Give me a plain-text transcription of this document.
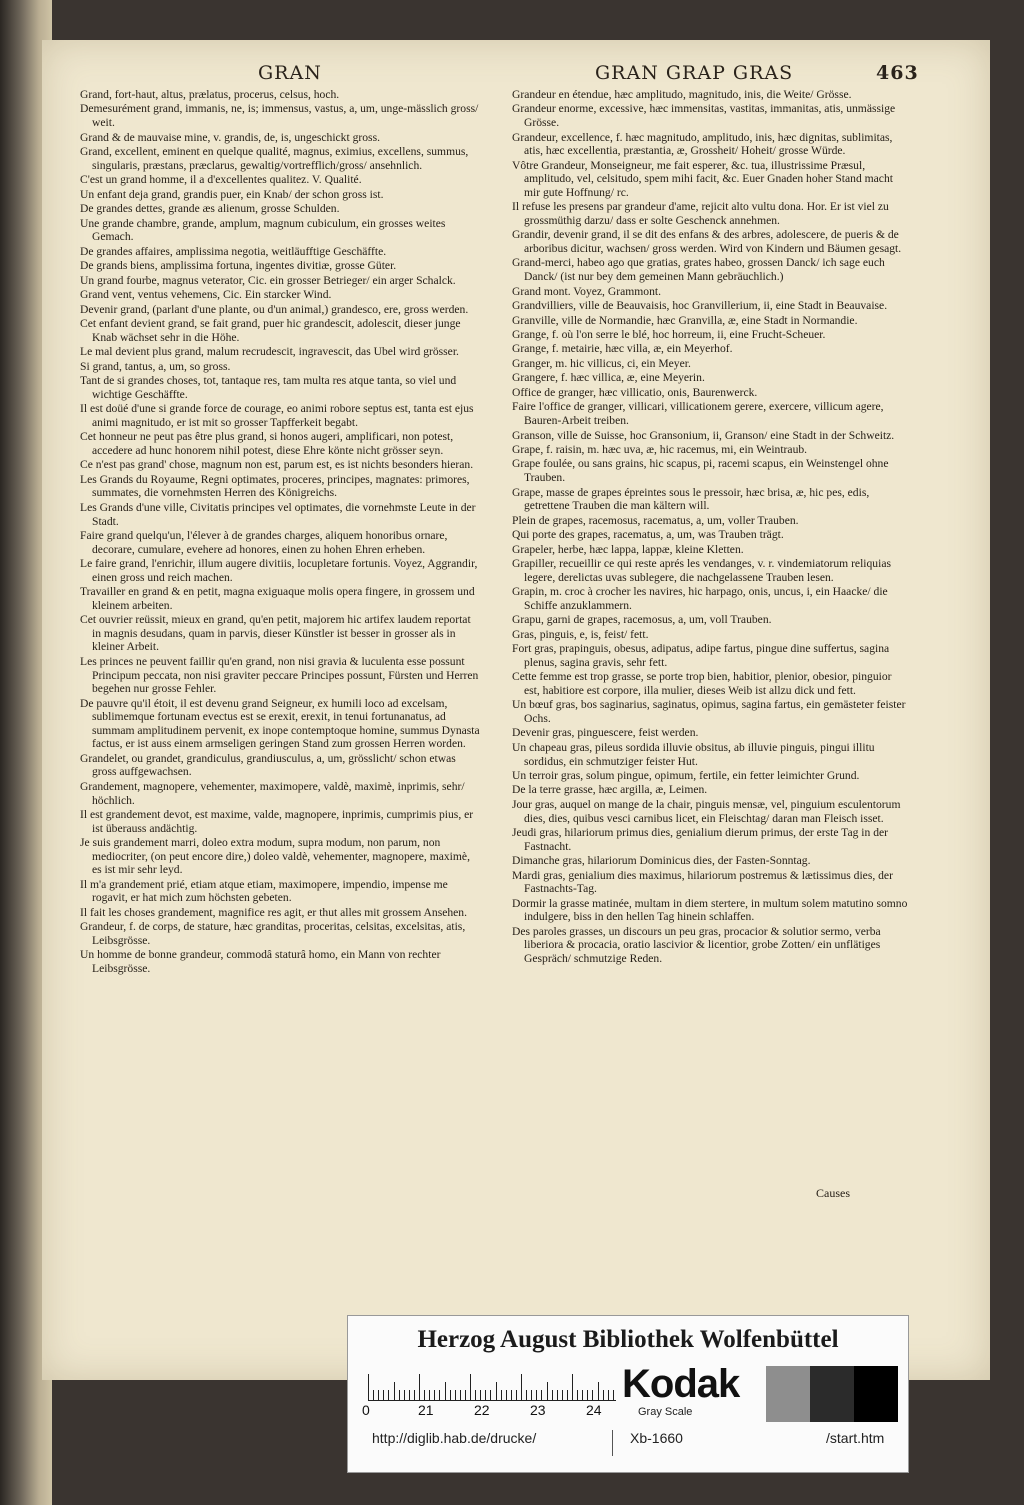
GRAN	GRAN GRAP GRAS	463

Grand, fort-haut, altus, prælatus, procerus, celsus, hoch.

Demesurément grand, immanis, ne, is; immensus, vastus, a, um, unge-mässlich gross/ weit.

Grand & de mauvaise mine, v. grandis, de, is, ungeschickt gross.

Grand, excellent, eminent en quelque qualité, magnus, eximius, excellens, summus, singularis, præstans, præclarus, gewaltig/vortrefflich/gross/ ansehnlich.

C'est un grand homme, il a d'excellentes qualitez. V. Qualité.

Un enfant deja grand, grandis puer, ein Knab/ der schon gross ist.

De grandes dettes, grande æs alienum, grosse Schulden.

Une grande chambre, grande, amplum, magnum cubiculum, ein grosses weites Gemach.

De grandes affaires, amplissima negotia, weitläufftige Geschäffte.

De grands biens, amplissima fortuna, ingentes divitiæ, grosse Güter.

Un grand fourbe, magnus veterator, Cic. ein grosser Betrieger/ ein arger Schalck.

Grand vent, ventus vehemens, Cic. Ein starcker Wind.

Devenir grand, (parlant d'une plante, ou d'un animal,) grandesco, ere, gross werden.

Cet enfant devient grand, se fait grand, puer hic grandescit, adolescit, dieser junge Knab wächset sehr in die Höhe.

Le mal devient plus grand, malum recrudescit, ingravescit, das Ubel wird grösser.

Si grand, tantus, a, um, so gross.

Tant de si grandes choses, tot, tantaque res, tam multa res atque tanta, so viel und wichtige Geschäffte.

Il est doüé d'une si grande force de courage, eo animi robore septus est, tanta est ejus animi magnitudo, er ist mit so grosser Tapfferkeit begabt.

Cet honneur ne peut pas être plus grand, si honos augeri, amplificari, non potest, accedere ad hunc honorem nihil potest, diese Ehre könte nicht grösser seyn.

Ce n'est pas grand' chose, magnum non est, parum est, es ist nichts besonders hieran.

Les Grands du Royaume, Regni optimates, proceres, principes, magnates: primores, summates, die vornehmsten Herren des Königreichs.

Les Grands d'une ville, Civitatis principes vel optimates, die vornehmste Leute in der Stadt.

Faire grand quelqu'un, l'élever à de grandes charges, aliquem honoribus ornare, decorare, cumulare, evehere ad honores, einen zu hohen Ehren erheben.

Le faire grand, l'enrichir, illum augere divitiis, locupletare fortunis. Voyez, Aggrandir, einen gross und reich machen.

Travailler en grand & en petit, magna exiguaque molis opera fingere, in grossem und kleinem arbeiten.

Cet ouvrier reüssit, mieux en grand, qu'en petit, majorem hic artifex laudem reportat in magnis desudans, quam in parvis, dieser Künstler ist besser in grosser als in kleiner Arbeit.

Les princes ne peuvent faillir qu'en grand, non nisi gravia & luculenta esse possunt Principum peccata, non nisi graviter peccare Principes possunt, Fürsten und Herren begehen nur grosse Fehler.

De pauvre qu'il étoit, il est devenu grand Seigneur, ex humili loco ad excelsam, sublimemque fortunam evectus est se erexit, erexit, in tenui fortunanatus, ad summam amplitudinem pervenit, ex inope contemptoque homine, summus Dynasta factus, er ist auss einem armseligen geringen Stand zum grossen Herren worden.

Grandelet, ou grandet, grandiculus, grandiusculus, a, um, grösslicht/ schon etwas gross auffgewachsen.

Grandement, magnopere, vehementer, maximopere, valdè, maximè, inprimis, sehr/ höchlich.

Il est grandement devot, est maxime, valde, magnopere, inprimis, cumprimis pius, er ist überauss andächtig.

Je suis grandement marri, doleo extra modum, supra modum, non parum, non mediocriter, (on peut encore dire,) doleo valdè, vehementer, magnopere, maximè, es ist mir sehr leyd.

Il m'a grandement prié, etiam atque etiam, maximopere, impendio, impense me rogavit, er hat mich zum höchsten gebeten.

Il fait les choses grandement, magnifice res agit, er thut alles mit grossem Ansehen.

Grandeur, f. de corps, de stature, hæc granditas, proceritas, celsitas, excelsitas, atis, Leibsgrösse.

Un homme de bonne grandeur, commodâ staturâ homo, ein Mann von rechter Leibsgrösse.

Grandeur en étendue, hæc amplitudo, magnitudo, inis, die Weite/ Grösse.

Grandeur enorme, excessive, hæc immensitas, vastitas, immanitas, atis, unmässige Grösse.

Grandeur, excellence, f. hæc magnitudo, amplitudo, inis, hæc dignitas, sublimitas, atis, hæc excellentia, præstantia, æ, Grossheit/ Hoheit/ grosse Würde.

Vôtre Grandeur, Monseigneur, me fait esperer, &c. tua, illustrissime Præsul, amplitudo, vel, celsitudo, spem mihi facit, &c. Euer Gnaden hoher Stand macht mir gute Hoffnung/ rc.

Il refuse les presens par grandeur d'ame, rejicit alto vultu dona. Hor. Er ist viel zu grossmüthig darzu/ dass er solte Geschenck annehmen.

Grandir, devenir grand, il se dit des enfans & des arbres, adolescere, de pueris & de arboribus dicitur, wachsen/ gross werden. Wird von Kindern und Bäumen gesagt.

Grand-merci, habeo ago que gratias, grates habeo, grossen Danck/ ich sage euch Danck/ (ist nur bey dem gemeinen Mann gebräuchlich.)

Grand mont. Voyez, Grammont.

Grandvilliers, ville de Beauvaisis, hoc Granvillerium, ii, eine Stadt in Beauvaise.

Granville, ville de Normandie, hæc Granvilla, æ, eine Stadt in Normandie.

Grange, f. où l'on serre le blé, hoc horreum, ii, eine Frucht-Scheuer.

Grange, f. metairie, hæc villa, æ, ein Meyerhof.

Granger, m. hic villicus, ci, ein Meyer.

Grangere, f. hæc villica, æ, eine Meyerin.

Office de granger, hæc villicatio, onis, Baurenwerck.

Faire l'office de granger, villicari, villicationem gerere, exercere, villicum agere, Bauren-Arbeit treiben.

Granson, ville de Suisse, hoc Gransonium, ii, Granson/ eine Stadt in der Schweitz.

Grape, f. raisin, m. hæc uva, æ, hic racemus, mi, ein Weintraub.

Grape foulée, ou sans grains, hic scapus, pi, racemi scapus, ein Weinstengel ohne Trauben.

Grape, masse de grapes épreintes sous le pressoir, hæc brisa, æ, hic pes, edis, getrettene Trauben die man kältern will.

Plein de grapes, racemosus, racematus, a, um, voller Trauben.

Qui porte des grapes, racematus, a, um, was Trauben trägt.

Grapeler, herbe, hæc lappa, lappæ, kleine Kletten.

Grapiller, recueillir ce qui reste aprés les vendanges, v. r. vindemiatorum reliquias legere, derelictas uvas sublegere, die nachgelassene Trauben lesen.

Grapin, m. croc à crocher les navires, hic harpago, onis, uncus, i, ein Haacke/ die Schiffe anzuklammern.

Grapu, garni de grapes, racemosus, a, um, voll Trauben.

Gras, pinguis, e, is, feist/ fett.

Fort gras, prapinguis, obesus, adipatus, adipe fartus, pingue dine suffertus, sagina plenus, sagina gravis, sehr fett.

Cette femme est trop grasse, se porte trop bien, habitior, plenior, obesior, pinguior est, habitiore est corpore, illa mulier, dieses Weib ist allzu dick und fett.

Un bœuf gras, bos saginarius, saginatus, opimus, sagina fartus, ein gemästeter feister Ochs.

Devenir gras, pinguescere, feist werden.

Un chapeau gras, pileus sordida illuvie obsitus, ab illuvie pinguis, pingui illitu sordidus, ein schmutziger feister Hut.

Un terroir gras, solum pingue, opimum, fertile, ein fetter leimichter Grund.

De la terre grasse, hæc argilla, æ, Leimen.

Jour gras, auquel on mange de la chair, pinguis mensæ, vel, pinguium esculentorum dies, dies, quibus vesci carnibus licet, ein Fleischtag/ daran man Fleisch isset.

Jeudi gras, hilariorum primus dies, genialium dierum primus, der erste Tag in der Fastnacht.

Dimanche gras, hilariorum Dominicus dies, der Fasten-Sonntag.

Mardi gras, genialium dies maximus, hilariorum postremus & lætissimus dies, der Fastnachts-Tag.

Dormir la grasse matinée, multam in diem stertere, in multum solem matutino somno indulgere, biss in den hellen Tag hinein schlaffen.

Des paroles grasses, un discours un peu gras, procacior & solutior sermo, verba liberiora & procacia, oratio lascivior & licentior, grobe Zotten/ ein unflätiges Gespräch/ schmutzige Reden.

Causes
Herzog August Bibliothek Wolfenbüttel
0	21	22	23	24
Kodak
Gray Scale
http://diglib.hab.de/drucke/	Xb-1660	/start.htm
